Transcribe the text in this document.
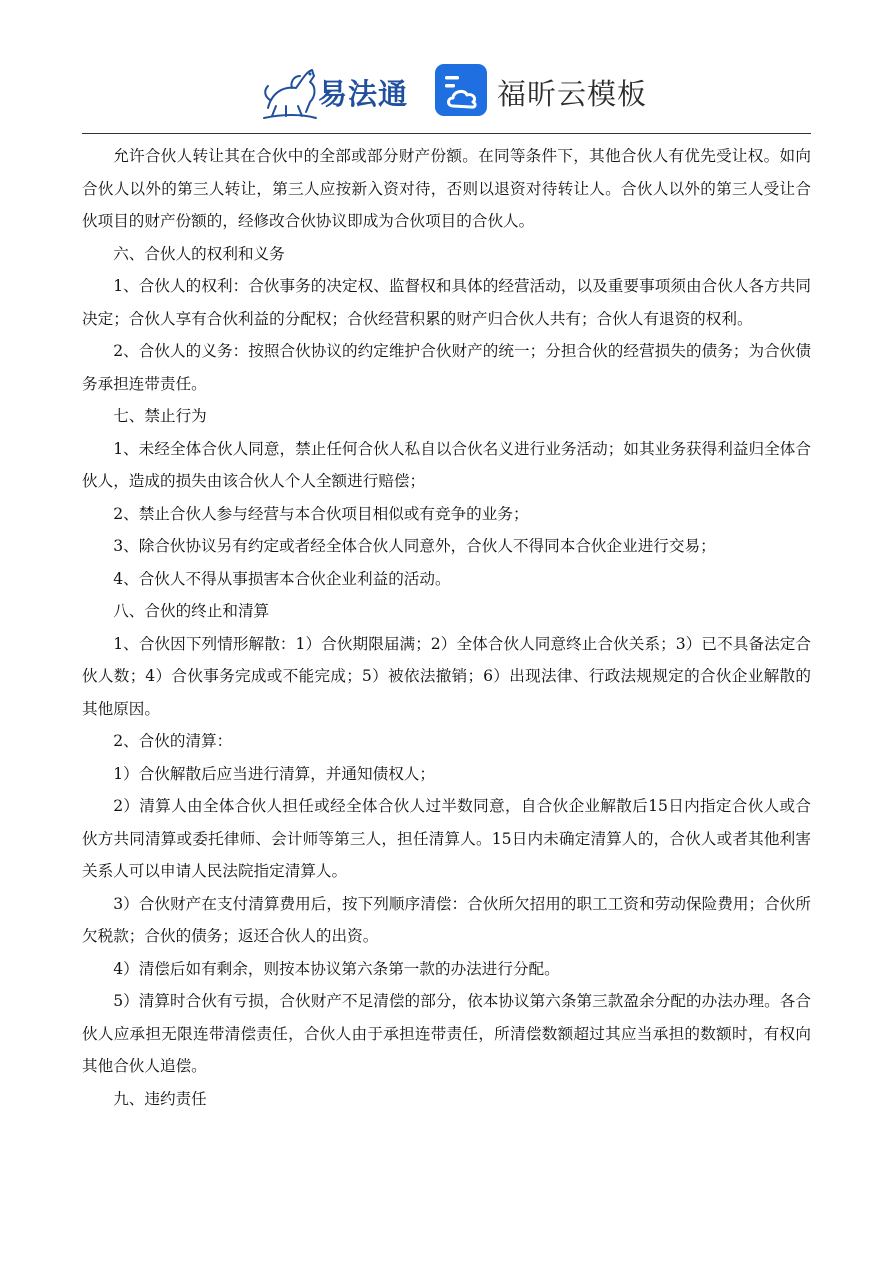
易法通	福昕云模板

允许合伙人转让其在合伙中的全部或部分财产份额。在同等条件下，其他合伙人有优先受让权。如向合伙人以外的第三人转让，第三人应按新入资对待，否则以退资对待转让人。合伙人以外的第三人受让合伙项目的财产份额的，经修改合伙协议即成为合伙项目的合伙人。

六、合伙人的权利和义务

1、合伙人的权利：合伙事务的决定权、监督权和具体的经营活动，以及重要事项须由合伙人各方共同决定；合伙人享有合伙利益的分配权；合伙经营积累的财产归合伙人共有；合伙人有退资的权利。

2、合伙人的义务：按照合伙协议的约定维护合伙财产的统一；分担合伙的经营损失的债务；为合伙债务承担连带责任。

七、禁止行为

1、未经全体合伙人同意，禁止任何合伙人私自以合伙名义进行业务活动；如其业务获得利益归全体合伙人，造成的损失由该合伙人个人全额进行赔偿；

2、禁止合伙人参与经营与本合伙项目相似或有竞争的业务；

3、除合伙协议另有约定或者经全体合伙人同意外，合伙人不得同本合伙企业进行交易；

4、合伙人不得从事损害本合伙企业利益的活动。

八、合伙的终止和清算

1、合伙因下列情形解散：1）合伙期限届满；2）全体合伙人同意终止合伙关系；3）已不具备法定合伙人数；4）合伙事务完成或不能完成；5）被依法撤销；6）出现法律、行政法规规定的合伙企业解散的其他原因。

2、合伙的清算：

1）合伙解散后应当进行清算，并通知债权人；

2）清算人由全体合伙人担任或经全体合伙人过半数同意，自合伙企业解散后15日内指定合伙人或合伙方共同清算或委托律师、会计师等第三人，担任清算人。15日内未确定清算人的，合伙人或者其他利害关系人可以申请人民法院指定清算人。

3）合伙财产在支付清算费用后，按下列顺序清偿：合伙所欠招用的职工工资和劳动保险费用；合伙所欠税款；合伙的债务；返还合伙人的出资。

4）清偿后如有剩余，则按本协议第六条第一款的办法进行分配。

5）清算时合伙有亏损，合伙财产不足清偿的部分，依本协议第六条第三款盈余分配的办法办理。各合伙人应承担无限连带清偿责任，合伙人由于承担连带责任，所清偿数额超过其应当承担的数额时，有权向其他合伙人追偿。

九、违约责任
